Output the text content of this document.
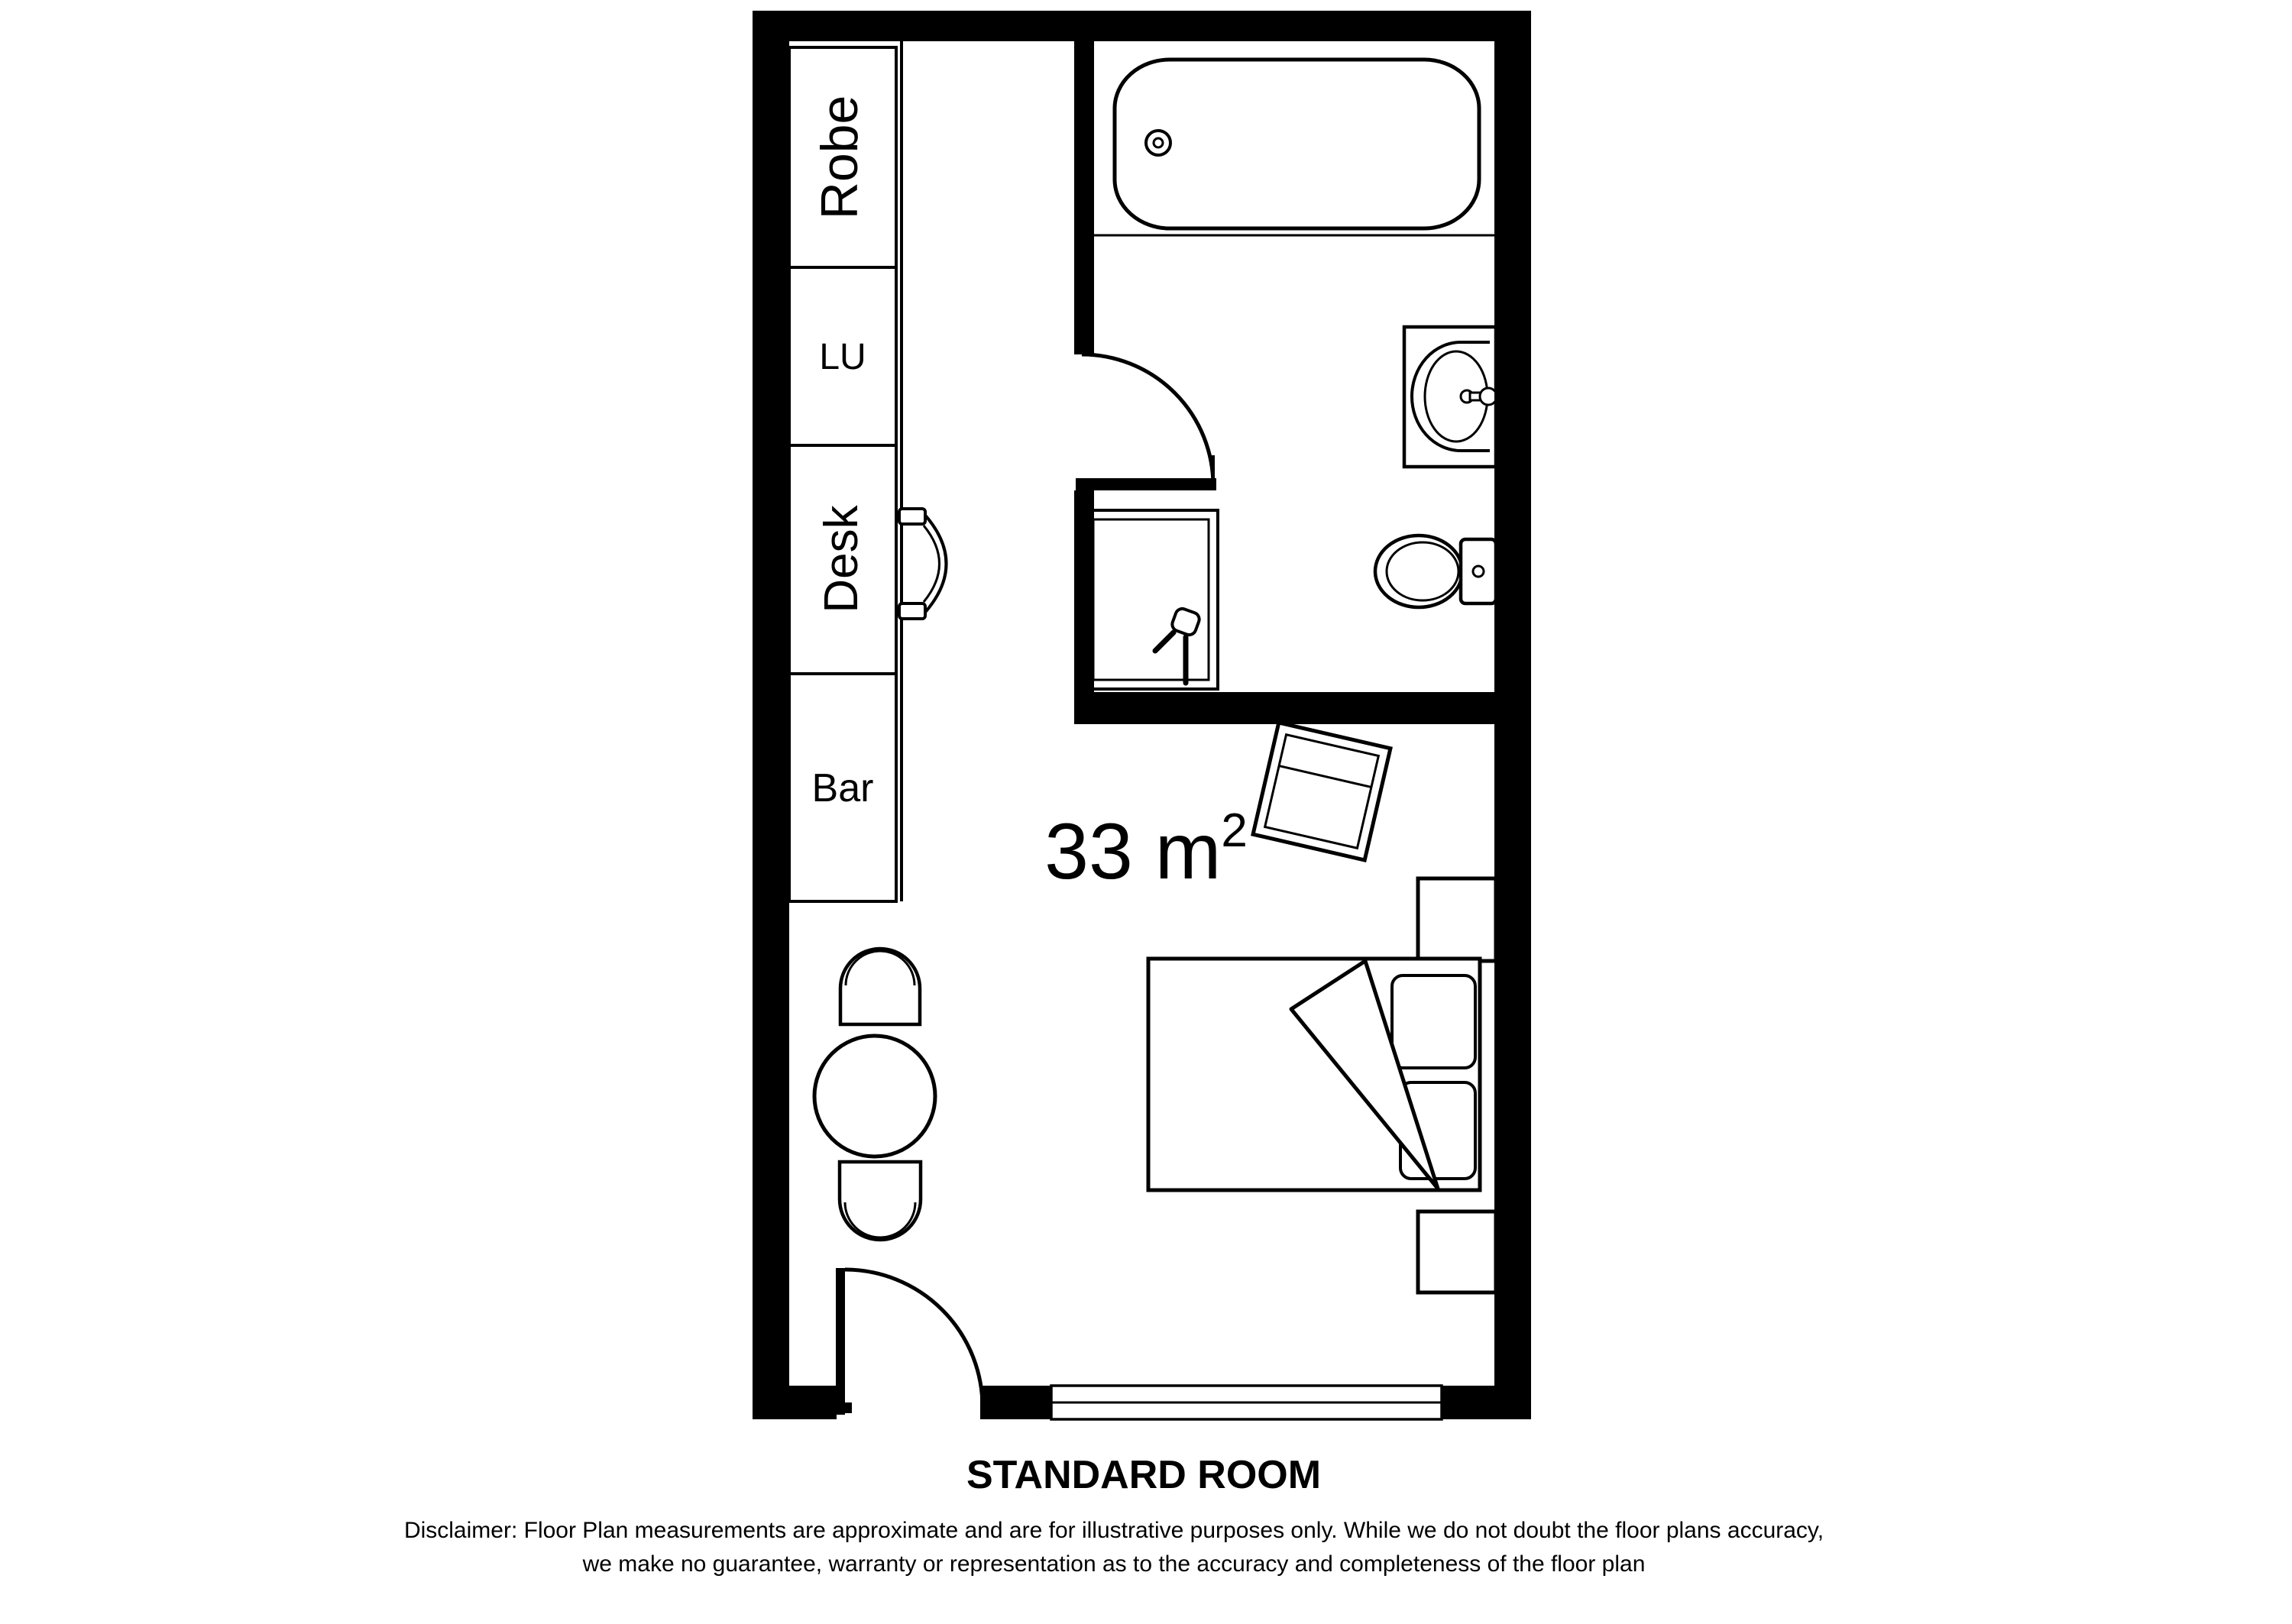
Robe
LU
Desk
Bar
33 $m^2$
STANDARD ROOM
Disclaimer: Floor Plan measurements are approximate and are for illustrative purposes only. While we do not doubt the floor plans accuracy,
we make no guarantee, warranty or representation as to the accuracy and completeness of the floor plan
